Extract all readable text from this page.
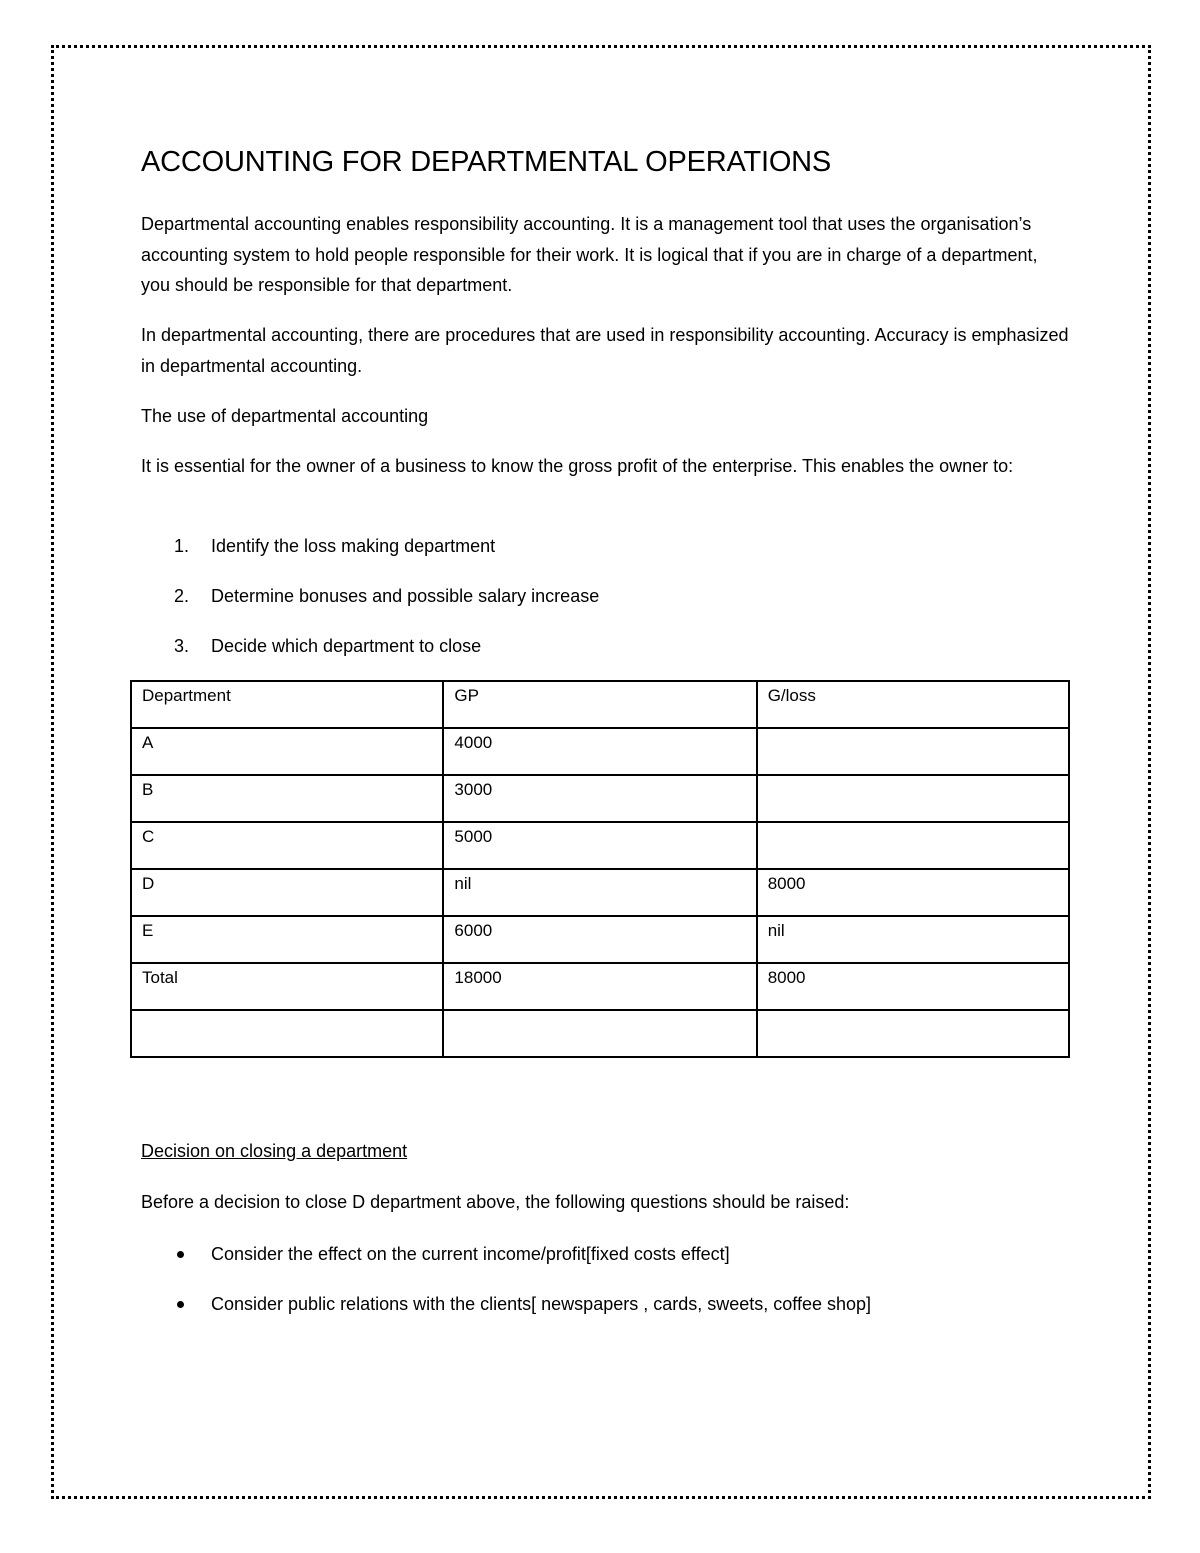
ACCOUNTING FOR DEPARTMENTAL OPERATIONS

Departmental accounting enables responsibility accounting. It is a management tool that uses the organisation’s accounting system to hold people responsible for their work. It is logical that if you are in charge of a department, you should be responsible for that department.

In departmental accounting, there are procedures that are used in responsibility accounting. Accuracy is emphasized in departmental accounting.

The use of departmental accounting

It is essential for the owner of a business to know the gross profit of the enterprise. This enables the owner to:

1. Identify the loss making department
2. Determine bonuses and possible salary increase
3. Decide which department to close
Decision on closing a department

Before a decision to close D department above, the following questions should be raised:

Consider the effect on the current income/profit[fixed costs effect]
Consider public relations with the clients[ newspapers , cards, sweets, coffee shop]
Department	GP	G/loss
A	4000	
B	3000	
C	5000	
D	nil	8000
E	6000	nil
Total	18000	8000
